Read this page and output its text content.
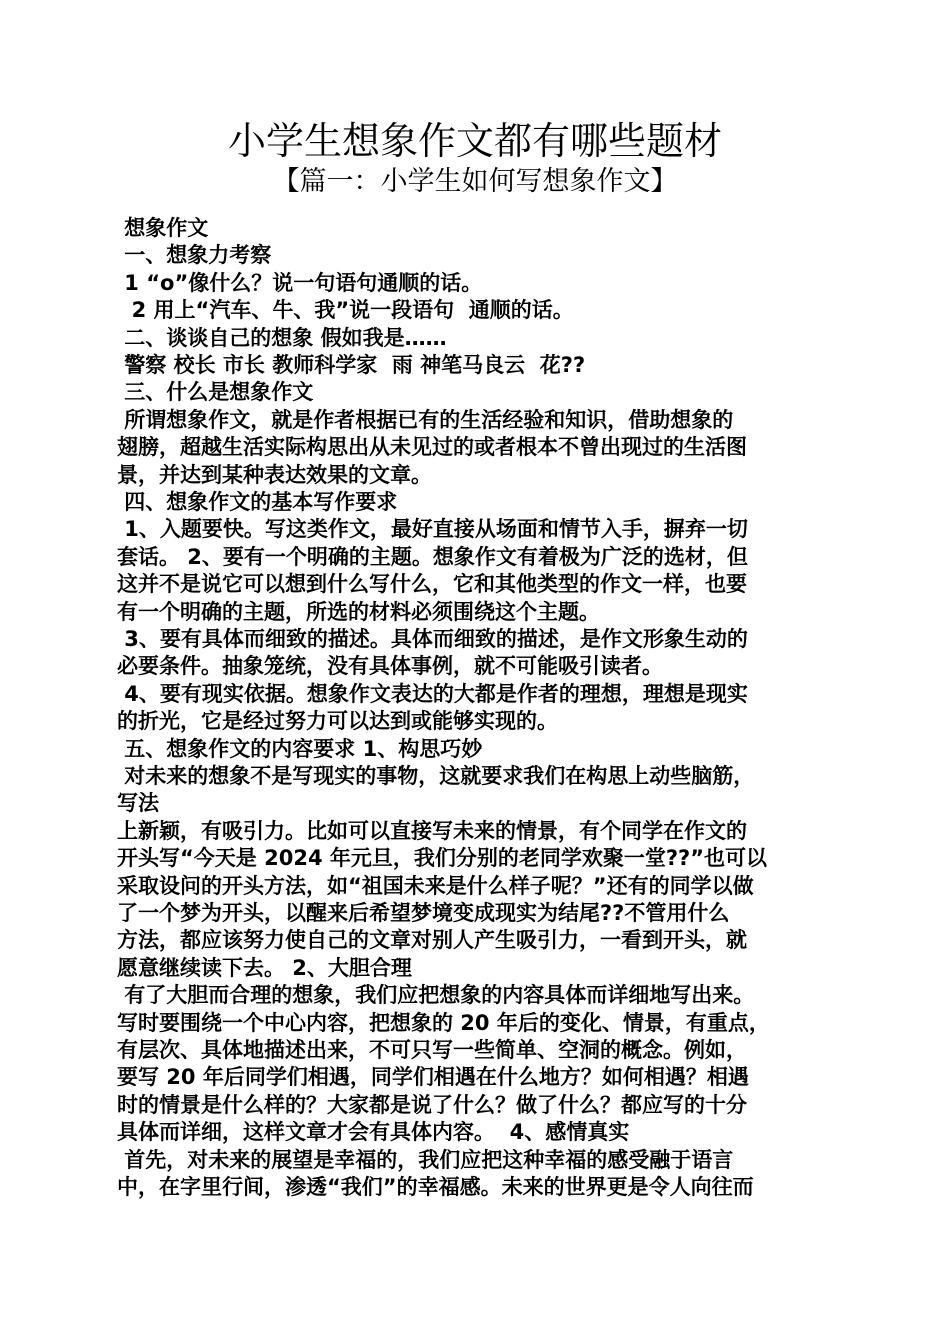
小学生想象作文都有哪些题材
【篇一：小学生如何写想象作文】
想象作文
一、想象力考察
1 “o”像什么？说一句语句通顺的话。
2 用上“汽车、牛、我”说一段语句  通顺的话。
二、谈谈自己的想象 假如我是……
警察 校长 市长 教师科学家  雨 神笔马良云  花??
三、什么是想象作文
所谓想象作文，就是作者根据已有的生活经验和知识，借助想象的
翅膀，超越生活实际构思出从未见过的或者根本不曾出现过的生活图
景，并达到某种表达效果的文章。
四、想象作文的基本写作要求
1、入题要快。写这类作文，最好直接从场面和情节入手，摒弃一切
套话。 2、要有一个明确的主题。想象作文有着极为广泛的选材，但
这并不是说它可以想到什么写什么，它和其他类型的作文一样，也要
有一个明确的主题，所选的材料必须围绕这个主题。
3、要有具体而细致的描述。具体而细致的描述，是作文形象生动的
必要条件。抽象笼统，没有具体事例，就不可能吸引读者。
4、要有现实依据。想象作文表达的大都是作者的理想，理想是现实
的折光，它是经过努力可以达到或能够实现的。
五、想象作文的内容要求 1、构思巧妙
对未来的想象不是写现实的事物，这就要求我们在构思上动些脑筋，
写法
上新颖，有吸引力。比如可以直接写未来的情景，有个同学在作文的
开头写“今天是 2024 年元旦，我们分别的老同学欢聚一堂??”也可以
采取设问的开头方法，如“祖国未来是什么样子呢？”还有的同学以做
了一个梦为开头，以醒来后希望梦境变成现实为结尾??不管用什么
方法，都应该努力使自己的文章对别人产生吸引力，一看到开头，就
愿意继续读下去。 2、大胆合理
有了大胆而合理的想象，我们应把想象的内容具体而详细地写出来。
写时要围绕一个中心内容，把想象的 20 年后的变化、情景，有重点，
有层次、具体地描述出来，不可只写一些简单、空洞的概念。例如，
要写 20 年后同学们相遇，同学们相遇在什么地方？如何相遇？相遇
时的情景是什么样的？大家都是说了什么？做了什么？都应写的十分
具体而详细，这样文章才会有具体内容。  4、感情真实
首先，对未来的展望是幸福的，我们应把这种幸福的感受融于语言
中，在字里行间，渗透“我们”的幸福感。未来的世界更是令人向往而
